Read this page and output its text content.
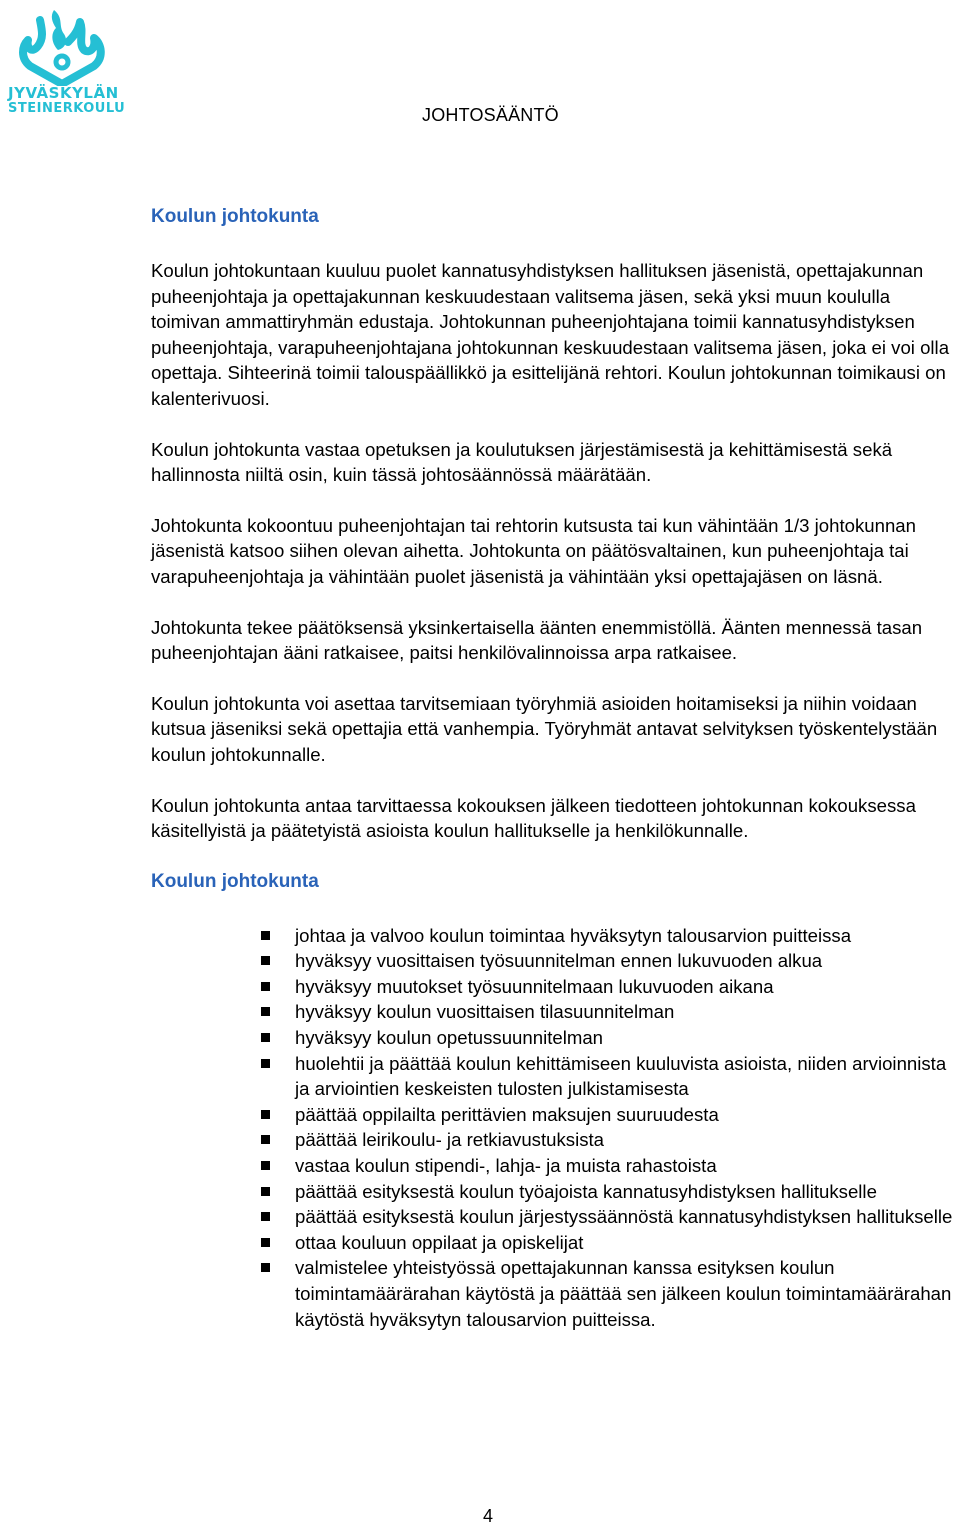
JYVÄSKYLÄN
STEINERKOULU	JOHTOSÄÄNTÖ
Koulun johtokunta

Koulun johtokuntaan kuuluu puolet kannatusyhdistyksen hallituksen jäsenistä, opettajakunnan puheenjohtaja ja opettajakunnan keskuudestaan valitsema jäsen, sekä yksi muun koululla toimivan ammattiryhmän edustaja. Johtokunnan puheenjohtajana toimii kannatusyhdistyksen puheenjohtaja, varapuheenjohtajana johtokunnan keskuudestaan valitsema jäsen, joka ei voi olla opettaja. Sihteerinä toimii talouspäällikkö ja esittelijänä rehtori. Koulun johtokunnan toimikausi on kalenterivuosi.

Koulun johtokunta vastaa opetuksen ja koulutuksen järjestämisestä ja kehittämisestä sekä hallinnosta niiltä osin, kuin tässä johtosäännössä määrätään.

Johtokunta kokoontuu puheenjohtajan tai rehtorin kutsusta tai kun vähintään 1/3 johtokunnan jäsenistä katsoo siihen olevan aihetta. Johtokunta on päätösvaltainen, kun puheenjohtaja tai varapuheenjohtaja ja vähintään puolet jäsenistä ja vähintään yksi opettajajäsen on läsnä.

Johtokunta tekee päätöksensä yksinkertaisella äänten enemmistöllä. Äänten mennessä tasan puheenjohtajan ääni ratkaisee, paitsi henkilövalinnoissa arpa ratkaisee.

Koulun johtokunta voi asettaa tarvitsemiaan työryhmiä asioiden hoitamiseksi ja niihin voidaan kutsua jäseniksi sekä opettajia että vanhempia. Työryhmät antavat selvityksen työskentelystään koulun johtokunnalle.

Koulun johtokunta antaa tarvittaessa kokouksen jälkeen tiedotteen johtokunnan kokouksessa käsitellyistä ja päätetyistä asioista koulun hallitukselle ja henkilökunnalle.

Koulun johtokunta
johtaa ja valvoo koulun toimintaa hyväksytyn talousarvion puitteissa
hyväksyy vuosittaisen työsuunnitelman ennen lukuvuoden alkua
hyväksyy muutokset työsuunnitelmaan lukuvuoden aikana
hyväksyy koulun vuosittaisen tilasuunnitelman
hyväksyy koulun opetussuunnitelman
huolehtii ja päättää koulun kehittämiseen kuuluvista asioista, niiden arvioinnista ja arviointien keskeisten tulosten julkistamisesta
päättää oppilailta perittävien maksujen suuruudesta
päättää leirikoulu- ja retkiavustuksista
vastaa koulun stipendi-, lahja- ja muista rahastoista
päättää esityksestä koulun työajoista kannatusyhdistyksen hallitukselle
päättää esityksestä koulun järjestyssäännöstä kannatusyhdistyksen hallitukselle
ottaa kouluun oppilaat ja opiskelijat
valmistelee yhteistyössä opettajakunnan kanssa esityksen koulun toimintamäärärahan käytöstä ja päättää sen jälkeen koulun toimintamäärärahan käytöstä hyväksytyn talousarvion puitteissa.
4
